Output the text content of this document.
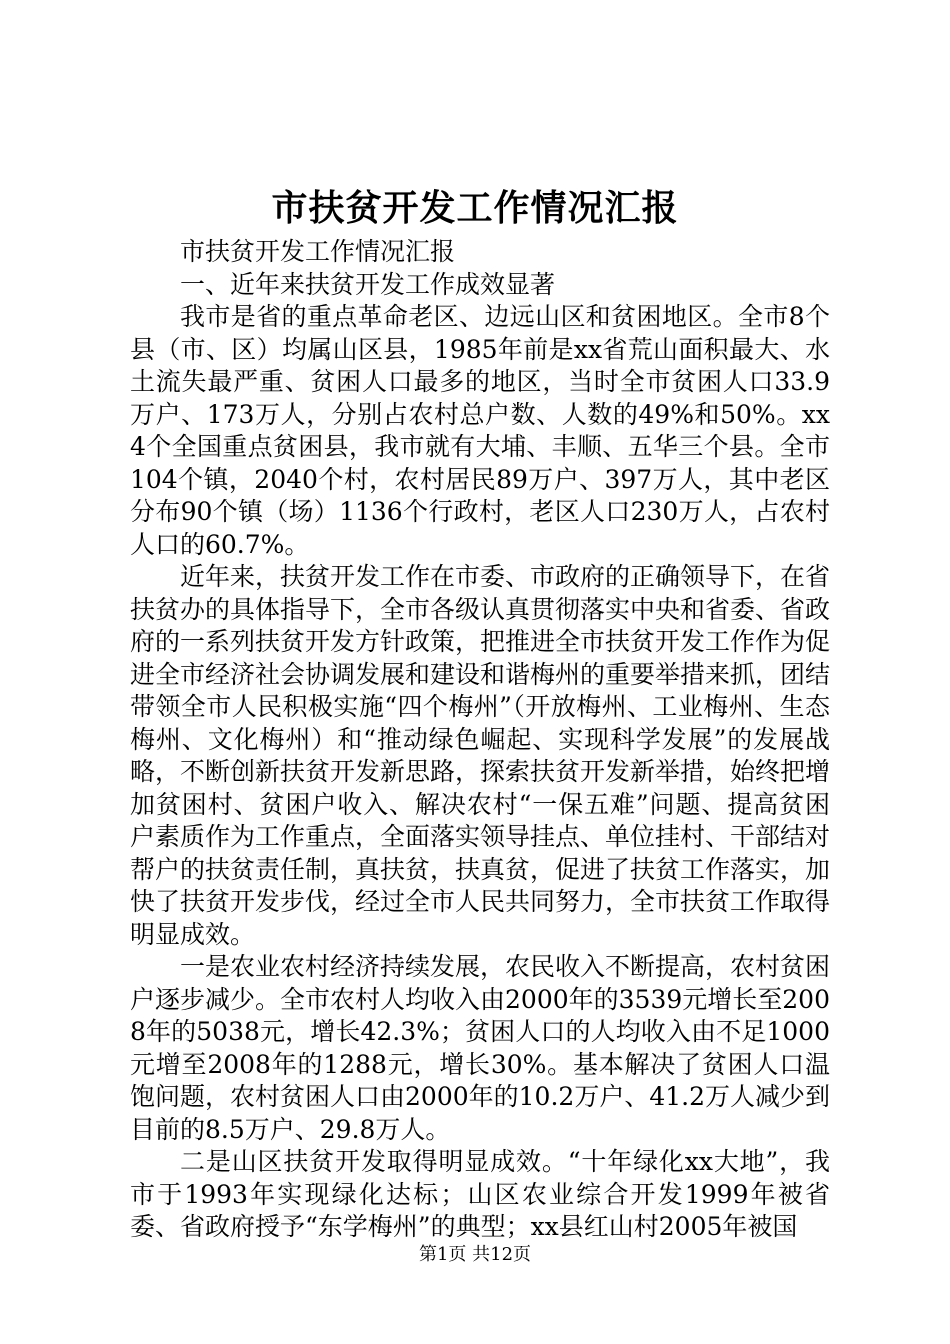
市扶贫开发工作情况汇报

市扶贫开发工作情况汇报

一、近年来扶贫开发工作成效显著

我市是省的重点革命老区、边远山区和贫困地区。全市8个县（市、区）均属山区县，1985年前是xx省荒山面积最大、水土流失最严重、贫困人口最多的地区，当时全市贫困人口33.9万户、173万人，分别占农村总户数、人数的49%和50%。xx4个全国重点贫困县，我市就有大埔、丰顺、五华三个县。全市104个镇，2040个村，农村居民89万户、397万人，其中老区分布90个镇（场）1136个行政村，老区人口230万人，占农村人口的60.7%。

近年来，扶贫开发工作在市委、市政府的正确领导下，在省扶贫办的具体指导下，全市各级认真贯彻落实中央和省委、省政府的一系列扶贫开发方针政策，把推进全市扶贫开发工作作为促进全市经济社会协调发展和建设和谐梅州的重要举措来抓，团结带领全市人民积极实施“四个梅州”（开放梅州、工业梅州、生态梅州、文化梅州）和“推动绿色崛起、实现科学发展”的发展战略，不断创新扶贫开发新思路，探索扶贫开发新举措，始终把增加贫困村、贫困户收入、解决农村“一保五难”问题、提高贫困户素质作为工作重点，全面落实领导挂点、单位挂村、干部结对帮户的扶贫责任制，真扶贫，扶真贫，促进了扶贫工作落实，加快了扶贫开发步伐，经过全市人民共同努力，全市扶贫工作取得明显成效。

一是农业农村经济持续发展，农民收入不断提高，农村贫困户逐步减少。全市农村人均收入由2000年的3539元增长至2008年的5038元，增长42.3%；贫困人口的人均收入由不足1000元增至2008年的1288元，增长30%。基本解决了贫困人口温饱问题，农村贫困人口由2000年的10.2万户、41.2万人减少到目前的8.5万户、29.8万人。

二是山区扶贫开发取得明显成效。“十年绿化xx大地”，我市于1993年实现绿化达标；山区农业综合开发1999年被省委、省政府授予“东学梅州”的典型；xx县红山村2005年被国

第1页 共12页
